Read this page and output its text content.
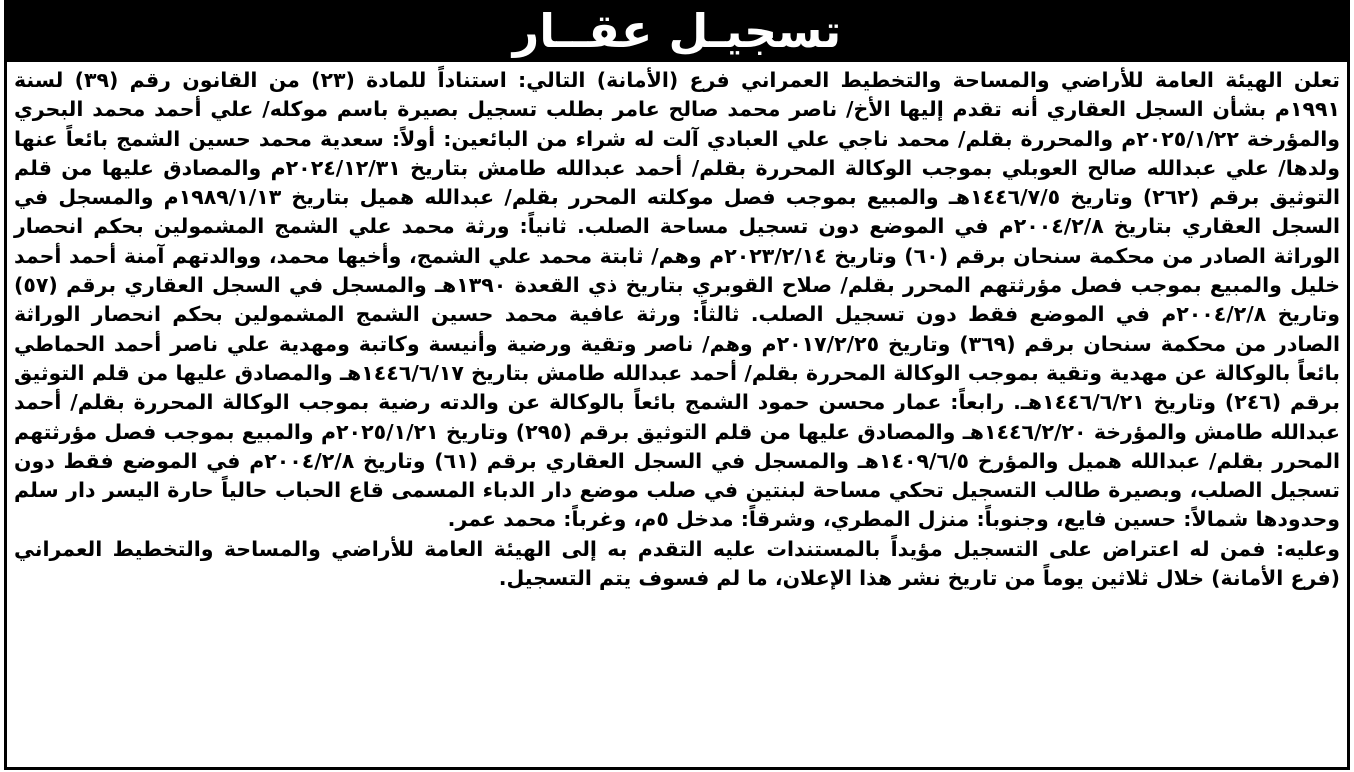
تسجيـل عقــار

تعلن الهيئة العامة للأراضي والمساحة والتخطيط العمراني فرع (الأمانة) التالي: استناداً للمادة (٢٣) من القانون رقم (٣٩) لسنة ١٩٩١م بشأن السجل العقاري أنه تقدم إليها الأخ/ ناصر محمد صالح عامر بطلب تسجيل بصيرة باسم موكله/ علي أحمد محمد البحري والمؤرخة ٢٠٢٥/١/٢٢م والمحررة بقلم/ محمد ناجي علي العبادي آلت له شراء من البائعين: أولاً: سعدية محمد حسين الشمج بائعاً عنها ولدها/ علي عبدالله صالح العوبلي بموجب الوكالة المحررة بقلم/ أحمد عبدالله طامش بتاريخ ٢٠٢٤/١٢/٣١م والمصادق عليها من قلم التوثيق برقم (٢٦٢) وتاريخ ١٤٤٦/٧/٥هـ والمبيع بموجب فصل موكلته المحرر بقلم/ عبدالله هميل بتاريخ ١٩٨٩/١/١٣م والمسجل في السجل العقاري بتاريخ ٢٠٠٤/٢/٨م في الموضع دون تسجيل مساحة الصلب. ثانياً: ورثة محمد علي الشمج المشمولين بحكم انحصار الوراثة الصادر من محكمة سنحان برقم (٦٠) وتاريخ ٢٠٢٣/٢/١٤م وهم/ ثابتة محمد علي الشمج، وأخيها محمد، ووالدتهم آمنة أحمد أحمد خليل والمبيع بموجب فصل مؤرثتهم المحرر بقلم/ صلاح القوبري بتاريخ ذي القعدة ١٣٩٠هـ والمسجل في السجل العقاري برقم (٥٧) وتاريخ ٢٠٠٤/٢/٨م في الموضع فقط دون تسجيل الصلب. ثالثاً: ورثة عافية محمد حسين الشمج المشمولين بحكم انحصار الوراثة الصادر من محكمة سنحان برقم (٣٦٩) وتاريخ ٢٠١٧/٢/٢٥م وهم/ ناصر وتقية ورضية وأنيسة وكاتبة ومهدية علي ناصر أحمد الحماطي بائعاً بالوكالة عن مهدية وتقية بموجب الوكالة المحررة بقلم/ أحمد عبدالله طامش بتاريخ ١٤٤٦/٦/١٧هـ والمصادق عليها من قلم التوثيق برقم (٢٤٦) وتاريخ ١٤٤٦/٦/٢١هـ. رابعاً: عمار محسن حمود الشمج بائعاً بالوكالة عن والدته رضية بموجب الوكالة المحررة بقلم/ أحمد عبدالله طامش والمؤرخة ١٤٤٦/٢/٢٠هـ والمصادق عليها من قلم التوثيق برقم (٢٩٥) وتاريخ ٢٠٢٥/١/٢١م والمبيع بموجب فصل مؤرثتهم المحرر بقلم/ عبدالله هميل والمؤرخ ١٤٠٩/٦/٥هـ والمسجل في السجل العقاري برقم (٦١) وتاريخ ٢٠٠٤/٢/٨م في الموضع فقط دون تسجيل الصلب، وبصيرة طالب التسجيل تحكي مساحة لبنتين في صلب موضع دار الدباء المسمى قاع الحباب حالياً حارة اليسر دار سلم وحدودها شمالاً: حسين فايع، وجنوباً: منزل المطري، وشرقاً: مدخل ٥م، وغرباً: محمد عمر.

وعليه: فمن له اعتراض على التسجيل مؤيداً بالمستندات عليه التقدم به إلى الهيئة العامة للأراضي والمساحة والتخطيط العمراني (فرع الأمانة) خلال ثلاثين يوماً من تاريخ نشر هذا الإعلان، ما لم فسوف يتم التسجيل.
